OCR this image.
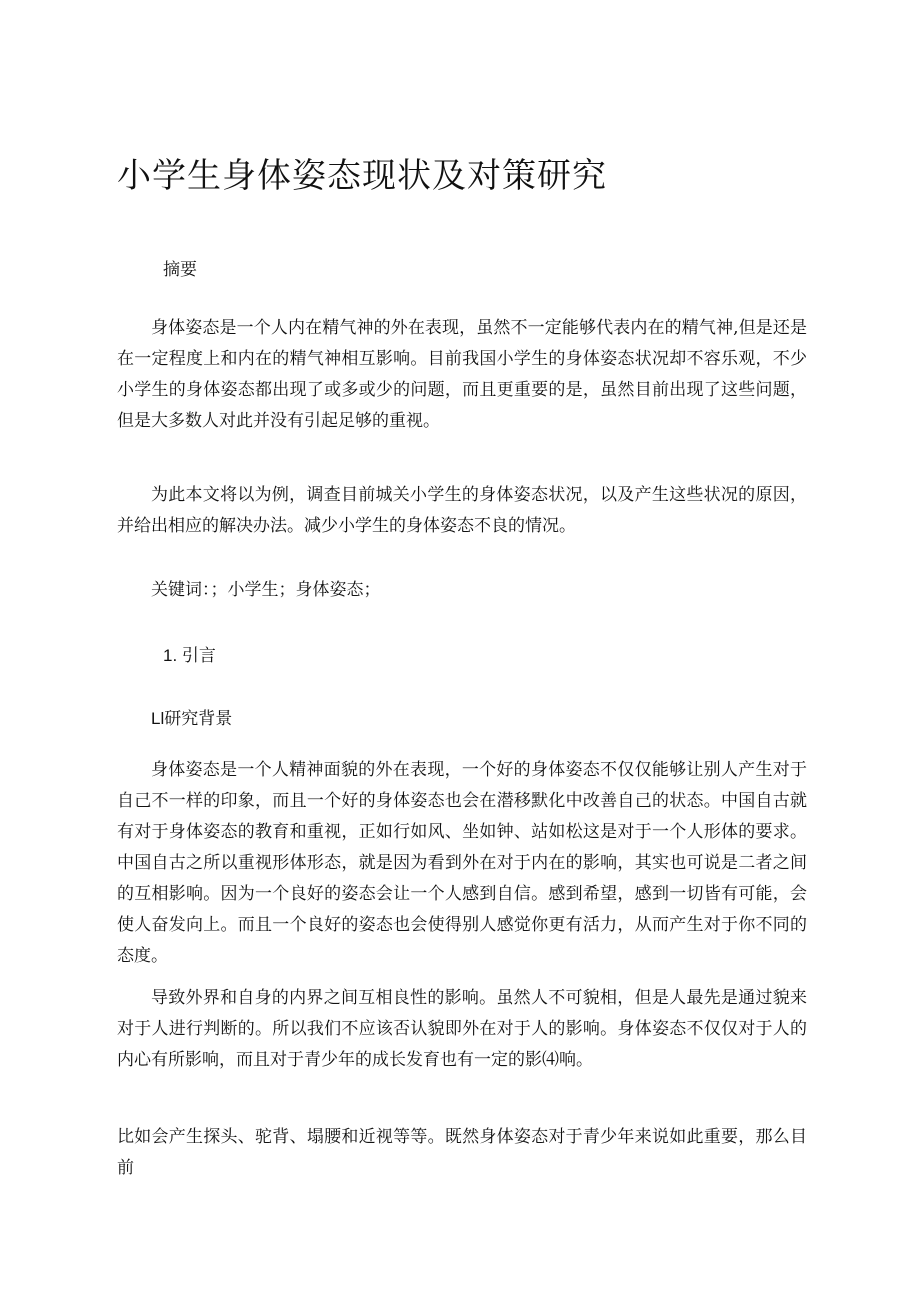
小学生身体姿态现状及对策研究

摘要

身体姿态是一个人内在精气神的外在表现，虽然不一定能够代表内在的精气神,但是还是在一定程度上和内在的精气神相互影响。目前我国小学生的身体姿态状况却不容乐观，不少小学生的身体姿态都出现了或多或少的问题，而且更重要的是，虽然目前出现了这些问题，但是大多数人对此并没有引起足够的重视。

为此本文将以为例，调查目前城关小学生的身体姿态状况，以及产生这些状况的原因，并给出相应的解决办法。减少小学生的身体姿态不良的情况。

关键词：；小学生；身体姿态；

1. 引言

Ll研究背景

身体姿态是一个人精神面貌的外在表现，一个好的身体姿态不仅仅能够让别人产生对于自己不一样的印象，而且一个好的身体姿态也会在潜移默化中改善自己的状态。中国自古就有对于身体姿态的教育和重视，正如行如风、坐如钟、站如松这是对于一个人形体的要求。中国自古之所以重视形体形态，就是因为看到外在对于内在的影响，其实也可说是二者之间的互相影响。因为一个良好的姿态会让一个人感到自信。感到希望，感到一切皆有可能，会使人奋发向上。而且一个良好的姿态也会使得别人感觉你更有活力，从而产生对于你不同的态度。

导致外界和自身的内界之间互相良性的影响。虽然人不可貌相，但是人最先是通过貌来对于人进行判断的。所以我们不应该否认貌即外在对于人的影响。身体姿态不仅仅对于人的内心有所影响，而且对于青少年的成长发育也有一定的影⑷响。

比如会产生探头、驼背、塌腰和近视等等。既然身体姿态对于青少年来说如此重要，那么目前
